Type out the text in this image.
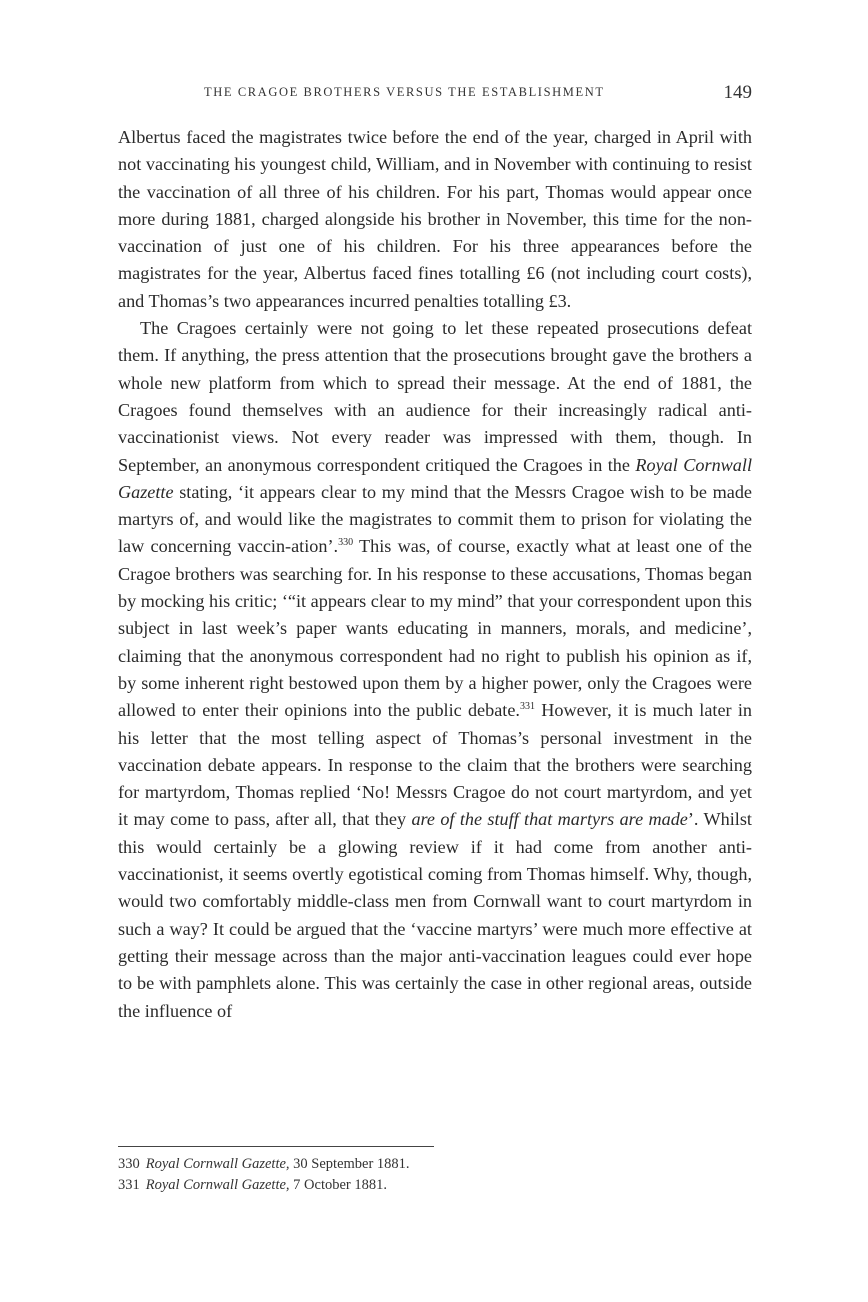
THE CRAGOE BROTHERS VERSUS THE ESTABLISHMENT	149

Albertus faced the magistrates twice before the end of the year, charged in April with not vaccinating his youngest child, William, and in November with continuing to resist the vaccination of all three of his children. For his part, Thomas would appear once more during 1881, charged alongside his brother in November, this time for the non-vaccination of just one of his children. For his three appearances before the magistrates for the year, Albertus faced fines totalling £6 (not including court costs), and Thomas’s two appearances incurred penalties totalling £3.

The Cragoes certainly were not going to let these repeated prosecutions defeat them. If anything, the press attention that the prosecutions brought gave the brothers a whole new platform from which to spread their message. At the end of 1881, the Cragoes found themselves with an audience for their increasingly radical anti-vaccinationist views. Not every reader was impressed with them, though. In September, an anonymous correspondent critiqued the Cragoes in the Royal Cornwall Gazette stating, ‘it appears clear to my mind that the Messrs Cragoe wish to be made martyrs of, and would like the magistrates to commit them to prison for violating the law concerning vaccin-ation’.$^{330}$ This was, of course, exactly what at least one of the Cragoe brothers was searching for. In his response to these accusations, Thomas began by mocking his critic; ‘“it appears clear to my mind” that your correspondent upon this subject in last week’s paper wants educating in manners, morals, and medicine’, claiming that the anonymous correspondent had no right to publish his opinion as if, by some inherent right bestowed upon them by a higher power, only the Cragoes were allowed to enter their opinions into the public debate.$^{331}$ However, it is much later in his letter that the most telling aspect of Thomas’s personal investment in the vaccination debate appears. In response to the claim that the brothers were searching for martyrdom, Thomas replied ‘No! Messrs Cragoe do not court martyrdom, and yet it may come to pass, after all, that they are of the stuff that martyrs are made’. Whilst this would certainly be a glowing review if it had come from another anti-vaccinationist, it seems overtly egotistical coming from Thomas himself. Why, though, would two comfortably middle-class men from Cornwall want to court martyrdom in such a way? It could be argued that the ‘vaccine martyrs’ were much more effective at getting their message across than the major anti-vaccination leagues could ever hope to be with pamphlets alone. This was certainly the case in other regional areas, outside the influence of

330 Royal Cornwall Gazette, 30 September 1881.
331 Royal Cornwall Gazette, 7 October 1881.
